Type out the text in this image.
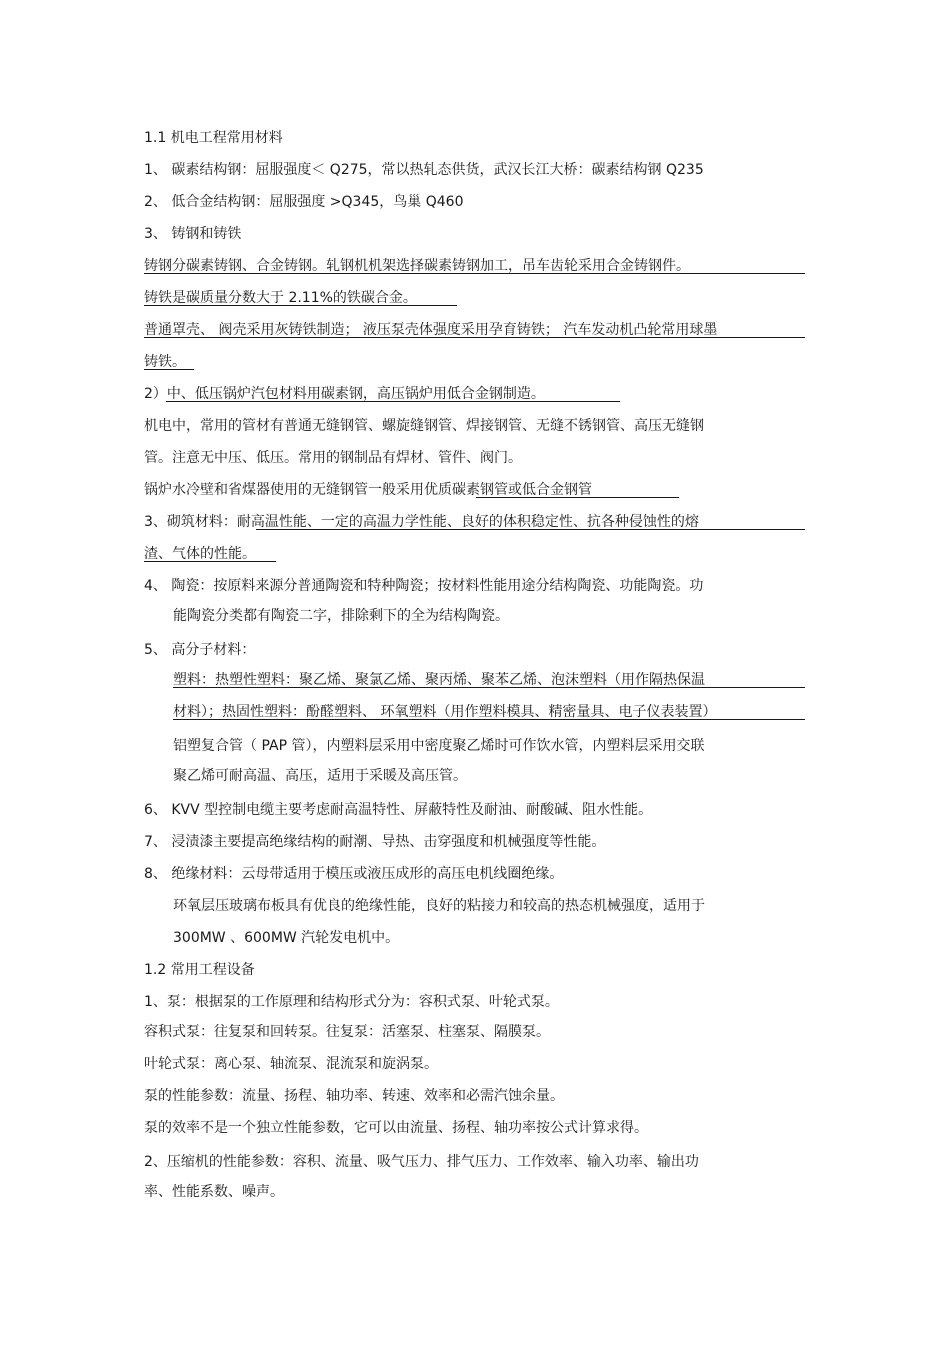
1.1 机电工程常用材料
1、 碳素结构钢：屈服强度＜ Q275，常以热轧态供货，武汉长江大桥：碳素结构钢 Q235
2、 低合金结构钢：屈服强度 >Q345，鸟巢 Q460
3、 铸钢和铸铁
铸钢分碳素铸钢、合金铸钢。轧钢机机架选择碳素铸钢加工，吊车齿轮采用合金铸钢件。
铸铁是碳质量分数大于 2.11%的铁碳合金。
普通罩壳、 阀壳采用灰铸铁制造； 液压泵壳体强度采用孕育铸铁； 汽车发动机凸轮常用球墨
铸铁。
2）中、低压锅炉汽包材料用碳素钢，高压锅炉用低合金钢制造。
机电中，常用的管材有普通无缝钢管、螺旋缝钢管、焊接钢管、无缝不锈钢管、高压无缝钢
管。注意无中压、低压。常用的钢制品有焊材、管件、阀门。
锅炉水冷壁和省煤器使用的无缝钢管一般采用优质碳素钢管或低合金钢管
3、砌筑材料：耐高温性能、一定的高温力学性能、良好的体积稳定性、抗各种侵蚀性的熔
渣、气体的性能。
4、 陶瓷：按原料来源分普通陶瓷和特种陶瓷；按材料性能用途分结构陶瓷、功能陶瓷。功
能陶瓷分类都有陶瓷二字，排除剩下的全为结构陶瓷。
5、 高分子材料：
塑料：热塑性塑料：聚乙烯、聚氯乙烯、聚丙烯、聚苯乙烯、泡沫塑料（用作隔热保温
材料）；热固性塑料：酚醛塑料、 环氧塑料（用作塑料模具、精密量具、电子仪表装置）
铝塑复合管（ PAP 管），内塑料层采用中密度聚乙烯时可作饮水管，内塑料层采用交联
聚乙烯可耐高温、高压，适用于采暖及高压管。
6、 KVV 型控制电缆主要考虑耐高温特性、屏蔽特性及耐油、耐酸碱、阻水性能。
7、 浸渍漆主要提高绝缘结构的耐潮、导热、击穿强度和机械强度等性能。
8、 绝缘材料：云母带适用于模压或液压成形的高压电机线圈绝缘。
环氧层压玻璃布板具有优良的绝缘性能，良好的粘接力和较高的热态机械强度，适用于
300MW 、600MW 汽轮发电机中。
1.2 常用工程设备
1、泵：根据泵的工作原理和结构形式分为：容积式泵、叶轮式泵。
容积式泵：往复泵和回转泵。往复泵：活塞泵、柱塞泵、隔膜泵。
叶轮式泵：离心泵、轴流泵、混流泵和旋涡泵。
泵的性能参数：流量、扬程、轴功率、转速、效率和必需汽蚀余量。
泵的效率不是一个独立性能参数，它可以由流量、扬程、轴功率按公式计算求得。
2、压缩机的性能参数：容积、流量、吸气压力、排气压力、工作效率、输入功率、输出功
率、性能系数、噪声。
